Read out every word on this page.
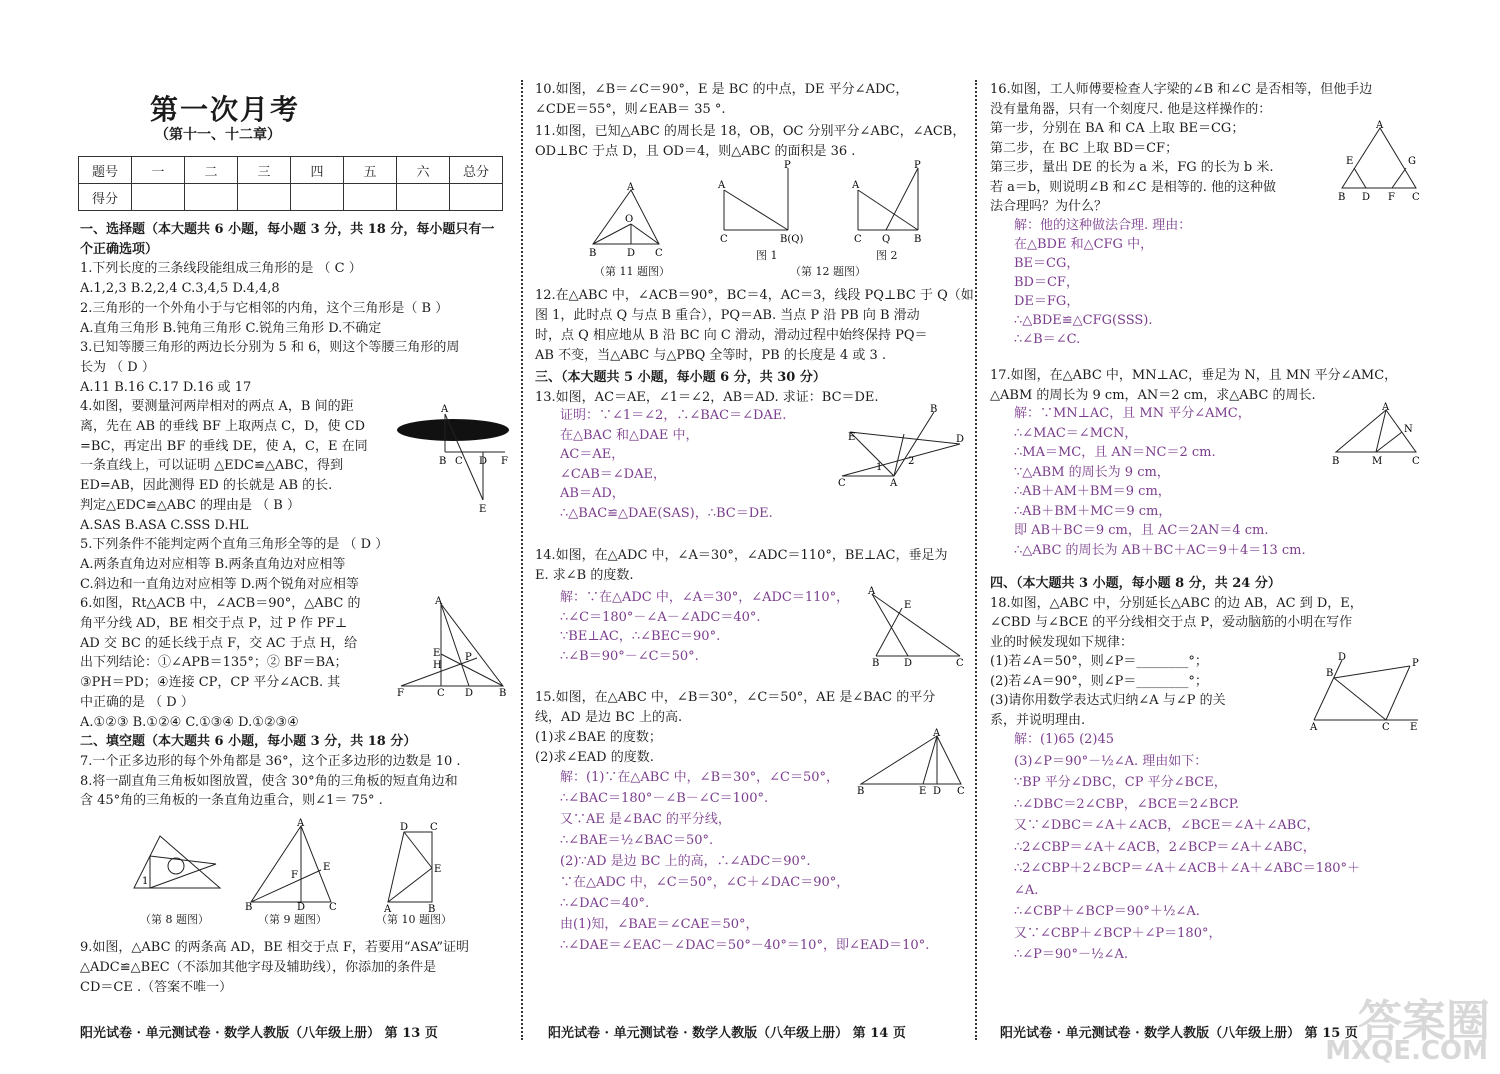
第一次月考
（第十一、十二章）
题号	一	二	三	四	五	六	总分
得分							
一、选择题（本大题共 6 小题，每小题 3 分，共 18 分，每小题只有一
个正确选项）
1.下列长度的三条线段能组成三角形的是 （ C ）
A.1,2,3 B.2,2,4 C.3,4,5 D.4,4,8
2.三角形的一个外角小于与它相邻的内角，这个三角形是（ B ）
A.直角三角形 B.钝角三角形 C.锐角三角形 D.不确定
3.已知等腰三角形的两边长分别为 5 和 6，则这个等腰三角形的周
长为 （ D ）
A.11 B.16 C.17 D.16 或 17
4.如图，要测量河两岸相对的两点 A，B 间的距
离，先在 AB 的垂线 BF 上取两点 C，D，使 CD
=BC，再定出 BF 的垂线 DE，使 A，C，E 在同
一条直线上，可以证明 △EDC≌△ABC，得到
ED=AB，因此测得 ED 的长就是 AB 的长.
判定△EDC≌△ABC 的理由是 （ B ）
A.SAS B.ASA C.SSS D.HL
5.下列条件不能判定两个直角三角形全等的是 （ D ）
A.两条直角边对应相等 B.两条直角边对应相等
C.斜边和一直角边对应相等 D.两个锐角对应相等
6.如图，Rt△ACB 中，∠ACB＝90°，△ABC 的
角平分线 AD，BE 相交于点 P，过 P 作 PF⊥
AD 交 BC 的延长线于点 F，交 AC 于点 H，给
出下列结论：①∠APB＝135°；② BF＝BA；
③PH＝PD；④连接 CP，CP 平分∠ACB. 其
中正确的是 （ D ）
A.①②③ B.①②④ C.①③④ D.①②③④
二、填空题（本大题共 6 小题，每小题 3 分，共 18 分）
7.一个正多边形的每个外角都是 36°，这个正多边形的边数是 10 .
8.将一副直角三角板如图放置，使含 30°角的三角板的短直角边和
含 45°角的三角板的一条直角边重合，则∠1＝ 75° .
A
B C D F
E
A
F	C D	B
E
H
P
1
（第 8 题图）
A
B	D C
F
E
（第 9 题图）
D C
E
A	B
（第 10 题图）
9.如图，△ABC 的两条高 AD，BE 相交于点 F，若要用“ASA”证明
△ADC≌△BEC（不添加其他字母及辅助线），你添加的条件是
CD＝CE .（答案不唯一）
10.如图，∠B＝∠C＝90°，E 是 BC 的中点，DE 平分∠ADC，
∠CDE＝55°，则∠EAB＝ 35 °.
11.如图，已知△ABC 的周长是 18，OB，OC 分别平分∠ABC，∠ACB，
OD⊥BC 于点 D，且 OD＝4，则△ABC 的面积是 36 .
12.在△ABC 中，∠ACB＝90°，BC＝4，AC＝3，线段 PQ⊥BC 于 Q（如
图 1，此时点 Q 与点 B 重合），PQ＝AB. 当点 P 沿 PB 向 B 滑动
时，点 Q 相应地从 B 沿 BC 向 C 滑动，滑动过程中始终保持 PQ＝
AB 不变，当△ABC 与△PBQ 全等时，PB 的长度是 4 或 3 .
三、（本大题共 5 小题，每小题 6 分，共 30 分）
13.如图，AC＝AE，∠1＝∠2，AB＝AD. 求证：BC＝DE.
证明：∵∠1＝∠2，∴∠BAC＝∠DAE.
在△BAC 和△DAE 中，
AC＝AE，
∠CAB＝∠DAE，
AB＝AD，
∴△BAC≌△DAE(SAS)，∴BC＝DE.
14.如图，在△ADC 中，∠A＝30°，∠ADC＝110°，BE⊥AC，垂足为
E. 求∠B 的度数.
解：∵在△ADC 中，∠A＝30°，∠ADC＝110°，
∴∠C＝180°－∠A－∠ADC＝40°.
∵BE⊥AC，∴∠BEC＝90°.
∴∠B＝90°－∠C＝50°.
15.如图，在△ABC 中，∠B＝30°，∠C＝50°，AE 是∠BAC 的平分
线，AD 是边 BC 上的高.
(1)求∠BAE 的度数；
(2)求∠EAD 的度数.
解：(1)∵在△ABC 中，∠B＝30°，∠C＝50°，
∴∠BAC＝180°－∠B－∠C＝100°.
又∵AE 是∠BAC 的平分线，
∴∠BAE＝½∠BAC＝50°.
(2)∵AD 是边 BC 上的高，∴∠ADC＝90°.
∵在△ADC 中，∠C＝50°，∠C＋∠DAC＝90°，
∴∠DAC＝40°.
由(1)知，∠BAE＝∠CAE＝50°，
∴∠DAE＝∠EAC－∠DAC＝50°－40°＝10°，即∠EAD＝10°.
A
O
B	D C
（第 11 题图）
P
A
C	B(Q)
图 1
P
A
C Q B
图 2
（第 12 题图）
B
E	D
C	A
1
2
A
E
B D	C
A
B	E D C
16.如图，工人师傅要检查人字梁的∠B 和∠C 是否相等，但他手边
没有量角器，只有一个刻度尺. 他是这样操作的：
第一步，分别在 BA 和 CA 上取 BE＝CG；
第二步，在 BC 上取 BD＝CF；
第三步，量出 DE 的长为 a 米，FG 的长为 b 米.
若 a＝b，则说明∠B 和∠C 是相等的. 他的这种做
法合理吗？为什么？
解：他的这种做法合理. 理由：
在△BDE 和△CFG 中，
BE＝CG，
BD＝CF，
DE＝FG，
∴△BDE≌△CFG(SSS).
∴∠B＝∠C.
17.如图，在△ABC 中，MN⊥AC，垂足为 N，且 MN 平分∠AMC，
△ABM 的周长为 9 cm，AN＝2 cm，求△ABC 的周长.
解：∵MN⊥AC，且 MN 平分∠AMC，
∴∠MAC＝∠MCN，
∴MA＝MC，且 AN＝NC＝2 cm.
∵△ABM 的周长为 9 cm，
∴AB＋AM＋BM＝9 cm，
∴AB＋BM＋MC＝9 cm，
即 AB＋BC＝9 cm，且 AC＝2AN＝4 cm.
∴△ABC 的周长为 AB＋BC＋AC＝9＋4＝13 cm.
四、（本大题共 3 小题，每小题 8 分，共 24 分）
18.如图，△ABC 中，分别延长△ABC 的边 AB，AC 到 D，E，
∠CBD 与∠BCE 的平分线相交于点 P，爱动脑筋的小明在写作
业的时候发现如下规律：
(1)若∠A＝50°，则∠P＝________°；
(2)若∠A＝90°，则∠P＝________°；
(3)请你用数学表达式归纳∠A 与∠P 的关
系，并说明理由.
解：(1)65 (2)45
(3)∠P＝90°－½∠A. 理由如下：
∵BP 平分∠DBC，CP 平分∠BCE，
∴∠DBC＝2∠CBP，∠BCE＝2∠BCP.
又∵∠DBC＝∠A＋∠ACB，∠BCE＝∠A＋∠ABC，
∴2∠CBP＝∠A＋∠ACB，2∠BCP＝∠A＋∠ABC，
∴2∠CBP＋2∠BCP＝∠A＋∠ACB＋∠A＋∠ABC＝180°＋
∠A.
∴∠CBP＋∠BCP＝90°＋½∠A.
又∵∠CBP＋∠BCP＋∠P＝180°，
∴∠P＝90°－½∠A.
A
E	G
B D F C
A
N
B	M	C
D
B
P
A	C E
阳光试卷 · 单元测试卷 · 数学人教版（八年级上册） 第 13 页	阳光试卷 · 单元测试卷 · 数学人教版（八年级上册） 第 14 页	阳光试卷 · 单元测试卷 · 数学人教版（八年级上册） 第 15 页 答案圈
MXQE.COM
